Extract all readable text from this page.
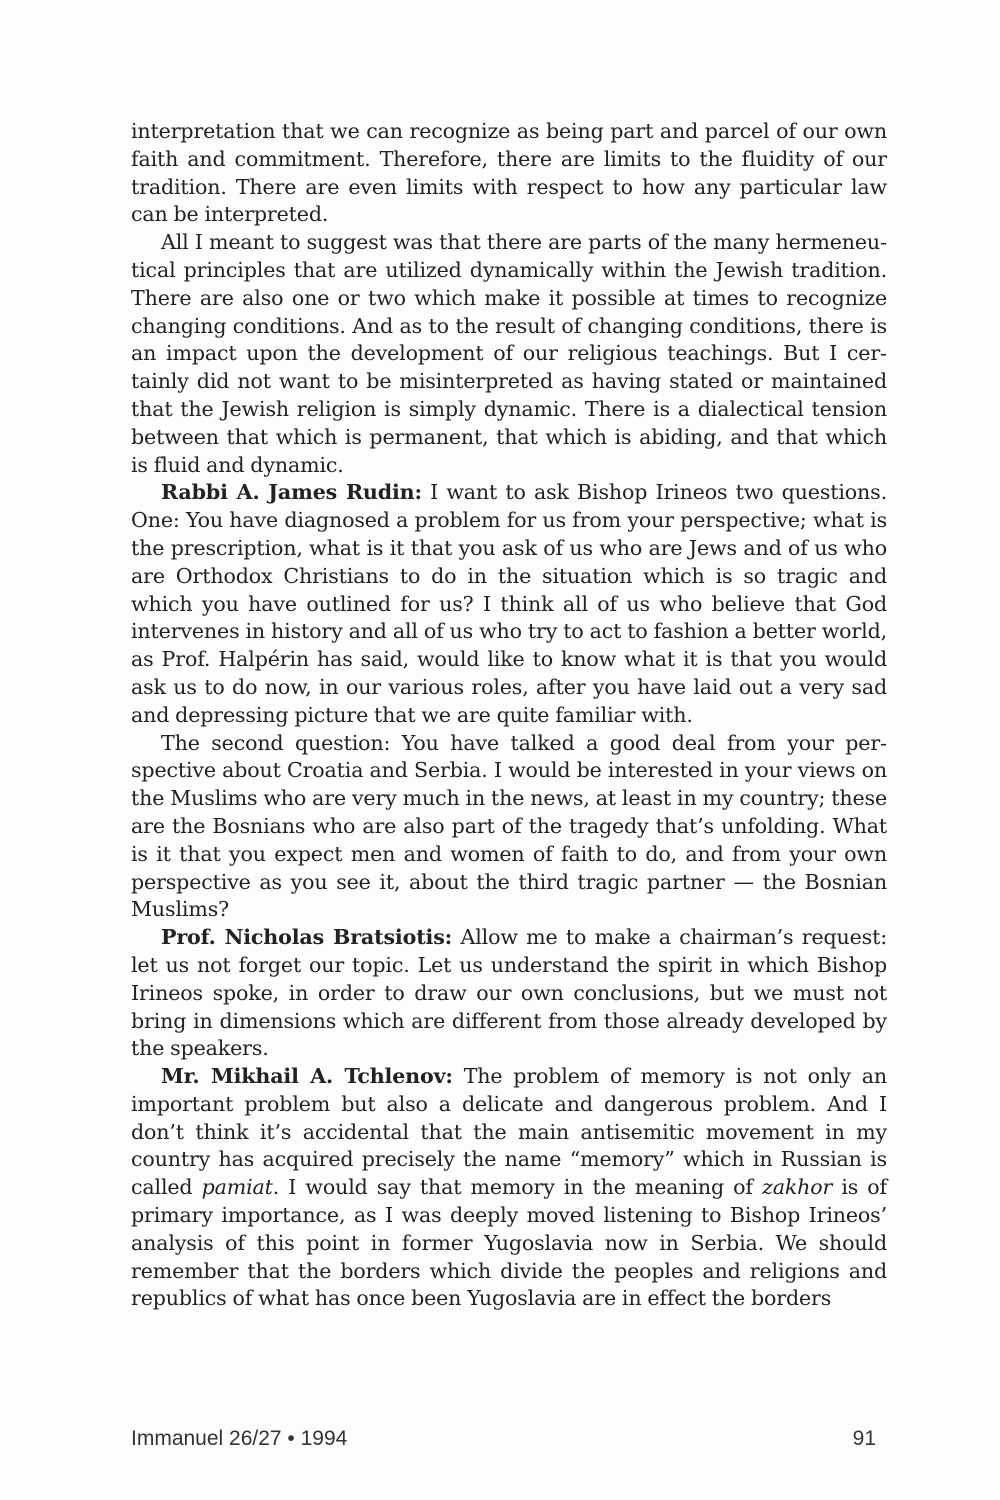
interpretation that we can recognize as being part and parcel of our own faith and commitment. Therefore, there are limits to the fluidity of our tradition. There are even limits with respect to how any particular law can be interpreted.

All I meant to suggest was that there are parts of the many hermeneutical principles that are utilized dynamically within the Jewish tradition. There are also one or two which make it possible at times to recognize changing conditions. And as to the result of changing conditions, there is an impact upon the development of our religious teachings. But I certainly did not want to be misinterpreted as having stated or maintained that the Jewish religion is simply dynamic. There is a dialectical tension between that which is permanent, that which is abiding, and that which is fluid and dynamic.

Rabbi A. James Rudin: I want to ask Bishop Irineos two questions. One: You have diagnosed a problem for us from your perspective; what is the prescription, what is it that you ask of us who are Jews and of us who are Orthodox Christians to do in the situation which is so tragic and which you have outlined for us? I think all of us who believe that God intervenes in history and all of us who try to act to fashion a better world, as Prof. Halpérin has said, would like to know what it is that you would ask us to do now, in our various roles, after you have laid out a very sad and depressing picture that we are quite familiar with.

The second question: You have talked a good deal from your perspective about Croatia and Serbia. I would be interested in your views on the Muslims who are very much in the news, at least in my country; these are the Bosnians who are also part of the tragedy that’s unfolding. What is it that you expect men and women of faith to do, and from your own perspective as you see it, about the third tragic partner — the Bosnian Muslims?

Prof. Nicholas Bratsiotis: Allow me to make a chairman’s request: let us not forget our topic. Let us understand the spirit in which Bishop Irineos spoke, in order to draw our own conclusions, but we must not bring in dimensions which are different from those already developed by the speakers.

Mr. Mikhail A. Tchlenov: The problem of memory is not only an important problem but also a delicate and dangerous problem. And I don’t think it’s accidental that the main antisemitic movement in my country has acquired precisely the name “memory” which in Russian is called pamiat. I would say that memory in the meaning of zakhor is of primary importance, as I was deeply moved listening to Bishop Irineos’ analysis of this point in former Yugoslavia now in Serbia. We should remember that the borders which divide the peoples and religions and republics of what has once been Yugoslavia are in effect the borders

Immanuel 26/27 • 1994	91
